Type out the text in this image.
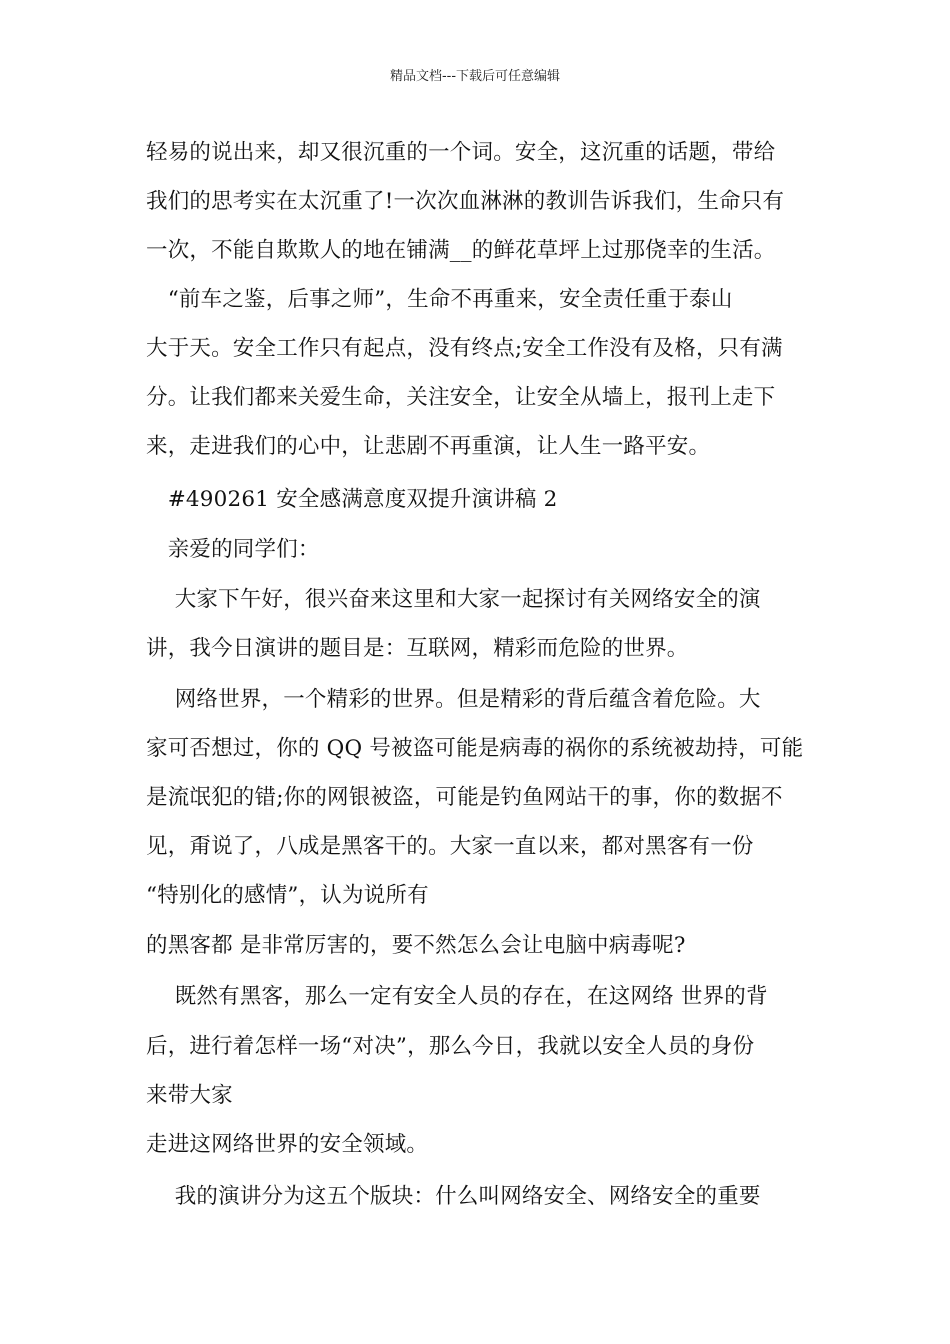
精品文档---下载后可任意编辑
轻易的说出来，却又很沉重的一个词。安全，这沉重的话题，带给
我们的思考实在太沉重了!一次次血淋淋的教训告诉我们，生命只有
一次，不能自欺欺人的地在铺满__的鲜花草坪上过那侥幸的生活。
　“前车之鉴，后事之师”，生命不再重来，安全责任重于泰山
大于天。安全工作只有起点，没有终点;安全工作没有及格，只有满
分。让我们都来关爱生命，关注安全，让安全从墙上，报刊上走下
来，走进我们的心中，让悲剧不再重演，让人生一路平安。
　#490261 安全感满意度双提升演讲稿 2
　亲爱的同学们：
　 大家下午好，很兴奋来这里和大家一起探讨有关网络安全的演
讲，我今日演讲的题目是：互联网，精彩而危险的世界。
　 网络世界，一个精彩的世界。但是精彩的背后蕴含着危险。大
家可否想过，你的 QQ 号被盗可能是病毒的祸你的系统被劫持，可能
是流氓犯的错;你的网银被盗，可能是钓鱼网站干的事，你的数据不
见，甭说了，八成是黑客干的。大家一直以来，都对黑客有一份
“特别化的感情”，认为说所有
的黑客都 是非常厉害的，要不然怎么会让电脑中病毒呢?
　 既然有黑客，那么一定有安全人员的存在，在这网络 世界的背
后，进行着怎样一场“对决”，那么今日，我就以安全人员的身份
来带大家
走进这网络世界的安全领域。
　 我的演讲分为这五个版块：什么叫网络安全、网络安全的重要
